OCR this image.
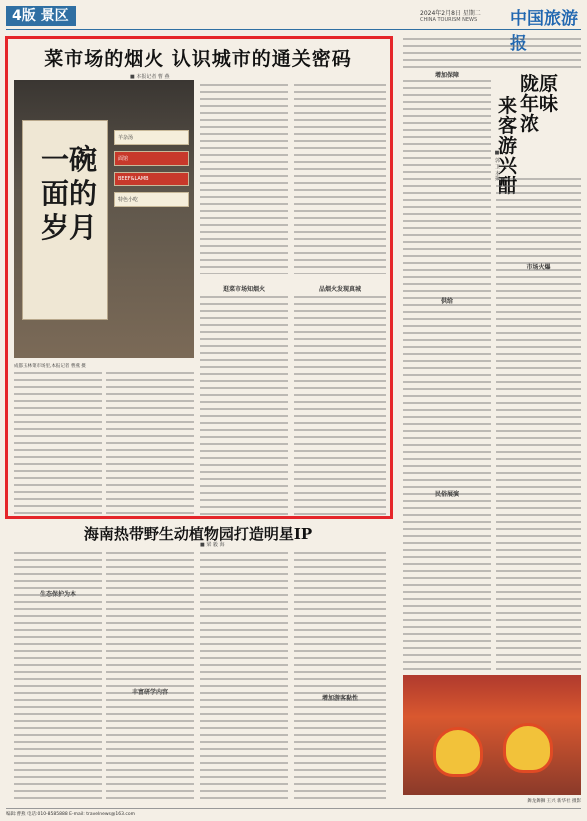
4版 景区	2024年2月8日 星期二
CHINA TOURISM NEWS 中国旅游报
菜市场的烟火 认识城市的通关密码
■ 本报记者 曹 燕
一碗面的岁月
羊杂汤
面馆
BEEF&LAMB
特色小吃
成都玉林菜市场里,本报记者 曹燕 摄
逛菜市场知烟火	品烟火发现真城
海南热带野生动植物园打造明星IP
■ 梁 毅 海
生态保护为本
丰富研学内容
增加游客黏性
陇原年味浓
来客游兴酣
■ 郭 卫 本报
增加保障
供给
民俗展演
市场火爆
舞龙舞狮 王兴 新华社 摄影
编辑:曹燕 电话:010-8585888 E-mail: travelnews@163.com
